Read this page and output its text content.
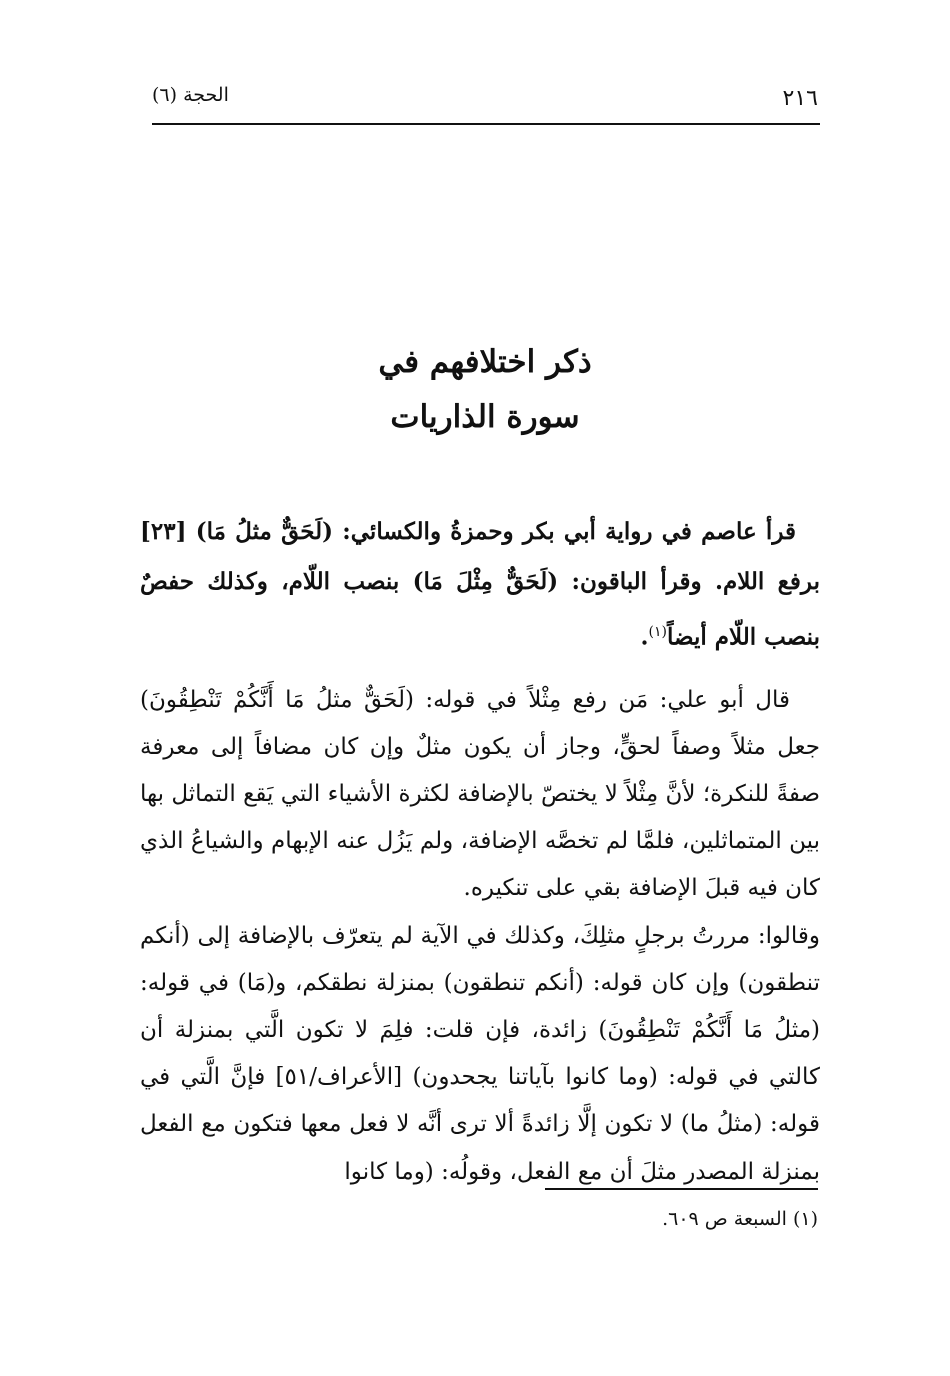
٢١٦
الحجة (٦)
ذكر اختلافهم في
سورة الذاريات

قرأ عاصم في رواية أبي بكر وحمزةُ والكسائي: (لَحَقٌّ مثلُ مَا) [٢٣] برفع اللام. وقرأ الباقون: (لَحَقٌّ مِثْلَ مَا) بنصب اللّام، وكذلك حفصٌ بنصب اللّام أيضاً$^{(١)}$.

قال أبو علي: مَن رفع مِثْلاً في قوله: (لَحَقٌّ مثلُ مَا أَنَّكُمْ تَنْطِقُونَ) جعل مثلاً وصفاً لحقٍّ، وجاز أن يكون مثلٌ وإن كان مضافاً إلى معرفة صفةً للنكرة؛ لأنَّ مِثْلاً لا يختصّ بالإضافة لكثرة الأشياء التي يَقع التماثل بها بين المتماثلين، فلمَّا لم تخصَّه الإضافة، ولم يَزُل عنه الإبهام والشياعُ الذي كان فيه قبلَ الإضافة بقي على تنكيره.

وقالوا: مررتُ برجلٍ مثلِكَ، وكذلك في الآية لم يتعرّف بالإضافة إلى (أنكم تنطقون) وإن كان قوله: (أنكم تنطقون) بمنزلة نطقكم، و(مَا) في قوله: (مثلُ مَا أَنَّكُمْ تَنْطِقُونَ) زائدة، فإن قلت: فلِمَ لا تكون الَّتي بمنزلة أن كالتي في قوله: (وما كانوا بآياتنا يجحدون) [الأعراف/٥١] فإنَّ الَّتي في قوله: (مثلُ ما) لا تكون إلَّا زائدةً ألا ترى أنَّه لا فعل معها فتكون مع الفعل بمنزلة المصدر مثلَ أن مع الفعل، وقولُه: (وما كانوا

(١) السبعة ص ٦٠٩.
